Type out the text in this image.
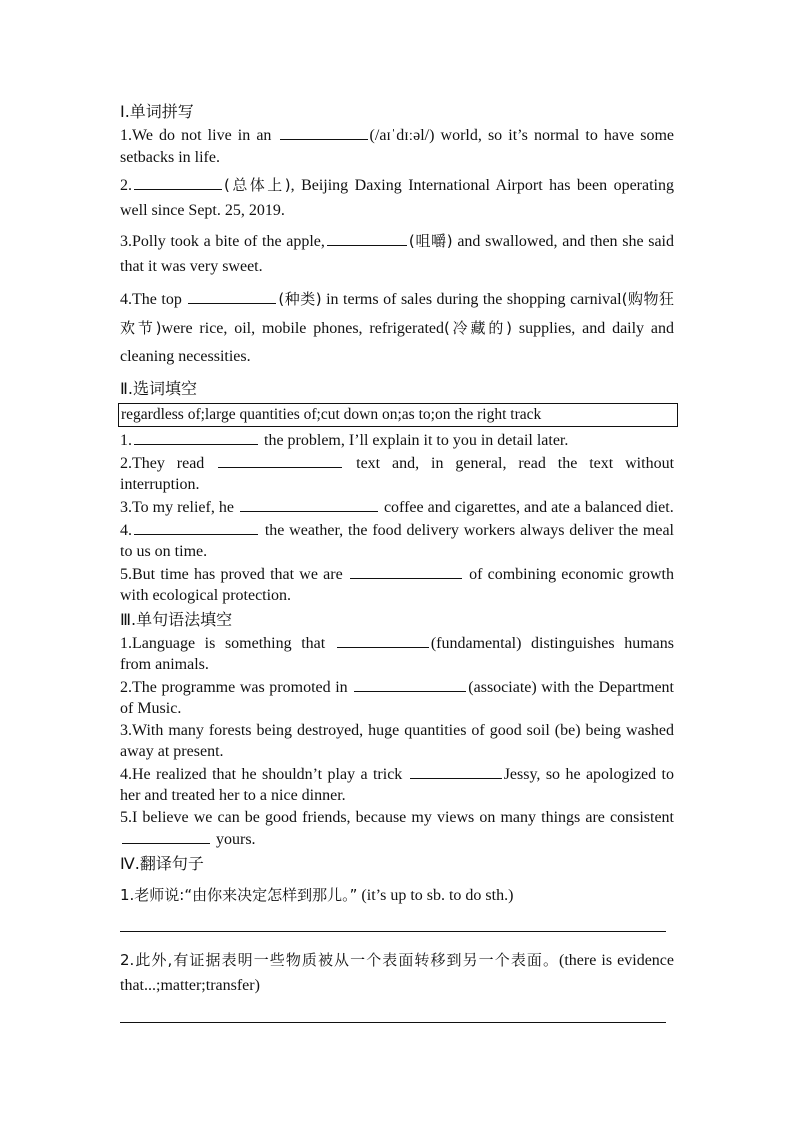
Ⅰ.单词拼写
1.We do not live in an	(/aɪˈdɪːəl/) world, so it’s normal to have some setbacks in life.
2.	(总体上), Beijing Daxing International Airport has been operating well since Sept. 25, 2019.
3.Polly took a bite of the apple,	(咀嚼) and swallowed, and then she said that it was very sweet.
4.The top	(种类) in terms of sales during the shopping carnival(购物狂欢节)were rice, oil, mobile phones, refrigerated(冷藏的) supplies, and daily and cleaning necessities.
Ⅱ.选词填空
regardless of;large quantities of;cut down on;as to;on the right track
1.	the problem, I’ll explain it to you in detail later.
2.They read	text and, in general, read the text without interruption.
3.To my relief, he	coffee and cigarettes, and ate a balanced diet.
4.	the weather, the food delivery workers always deliver the meal to us on time.
5.But time has proved that we are	of combining economic growth with ecological protection.
Ⅲ.单句语法填空
1.Language is something that	(fundamental) distinguishes humans from animals.
2.The programme was promoted in	(associate) with the Department of Music.
3.With many forests being destroyed, huge quantities of good soil (be) being washed away at present.
4.He realized that he shouldn’t play a trick	Jessy, so he apologized to her and treated her to a nice dinner.
5.I believe we can be good friends, because my views on many things are consistent  yours.
Ⅳ.翻译句子
1.老师说:“由你来决定怎样到那儿。” (it’s up to sb. to do sth.)
2.此外,有证据表明一些物质被从一个表面转移到另一个表面。(there is evidence that...;matter;transfer)
